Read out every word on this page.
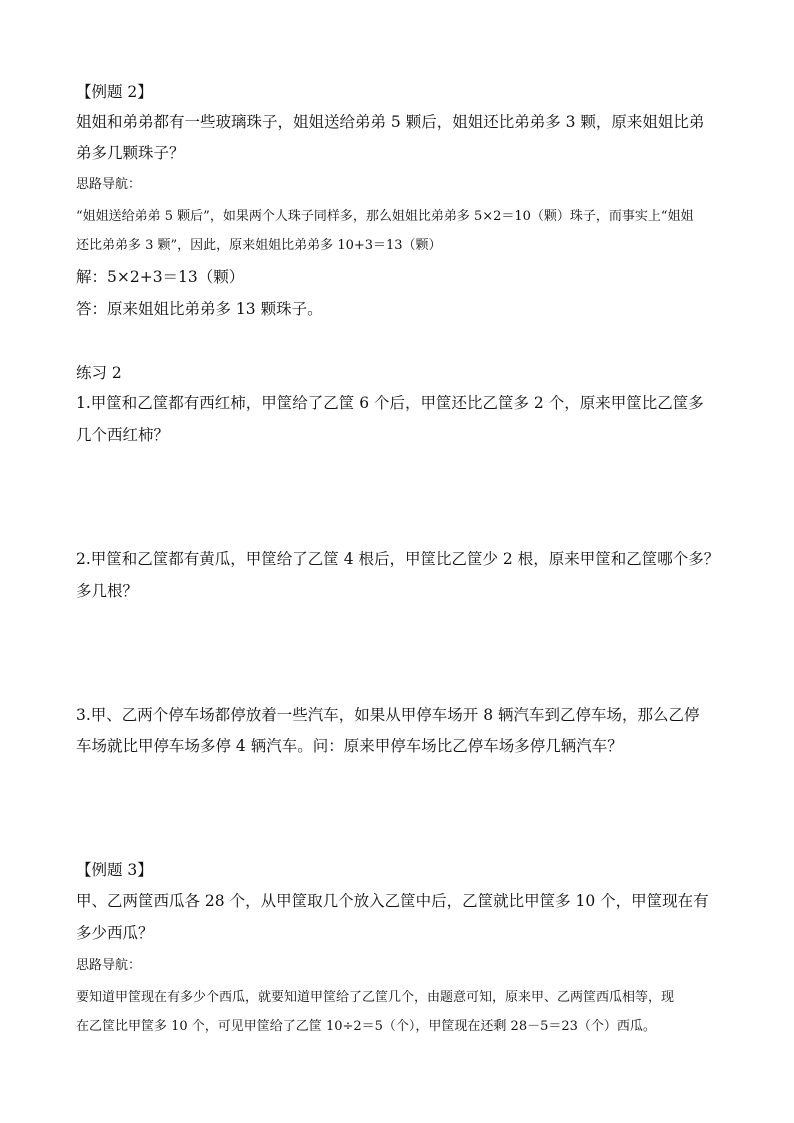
【例题 2】
姐姐和弟弟都有一些玻璃珠子，姐姐送给弟弟 5 颗后，姐姐还比弟弟多 3 颗，原来姐姐比弟
弟多几颗珠子？
思路导航：
“姐姐送给弟弟 5 颗后”，如果两个人珠子同样多，那么姐姐比弟弟多 5×2＝10（颗）珠子，而事实上“姐姐
还比弟弟多 3 颗”，因此，原来姐姐比弟弟多 10+3＝13（颗）
解：5×2+3＝13（颗）
答：原来姐姐比弟弟多 13 颗珠子。
练习 2
1.甲筐和乙筐都有西红柿，甲筐给了乙筐 6 个后，甲筐还比乙筐多 2 个，原来甲筐比乙筐多
几个西红柿？
2.甲筐和乙筐都有黄瓜，甲筐给了乙筐 4 根后，甲筐比乙筐少 2 根，原来甲筐和乙筐哪个多？
多几根？
3.甲、乙两个停车场都停放着一些汽车，如果从甲停车场开 8 辆汽车到乙停车场，那么乙停
车场就比甲停车场多停 4 辆汽车。问：原来甲停车场比乙停车场多停几辆汽车？
【例题 3】
甲、乙两筐西瓜各 28 个，从甲筐取几个放入乙筐中后，乙筐就比甲筐多 10 个，甲筐现在有
多少西瓜？
思路导航：
要知道甲筐现在有多少个西瓜，就要知道甲筐给了乙筐几个，由题意可知，原来甲、乙两筐西瓜相等，现
在乙筐比甲筐多 10 个，可见甲筐给了乙筐 10÷2＝5（个），甲筐现在还剩 28－5＝23（个）西瓜。
